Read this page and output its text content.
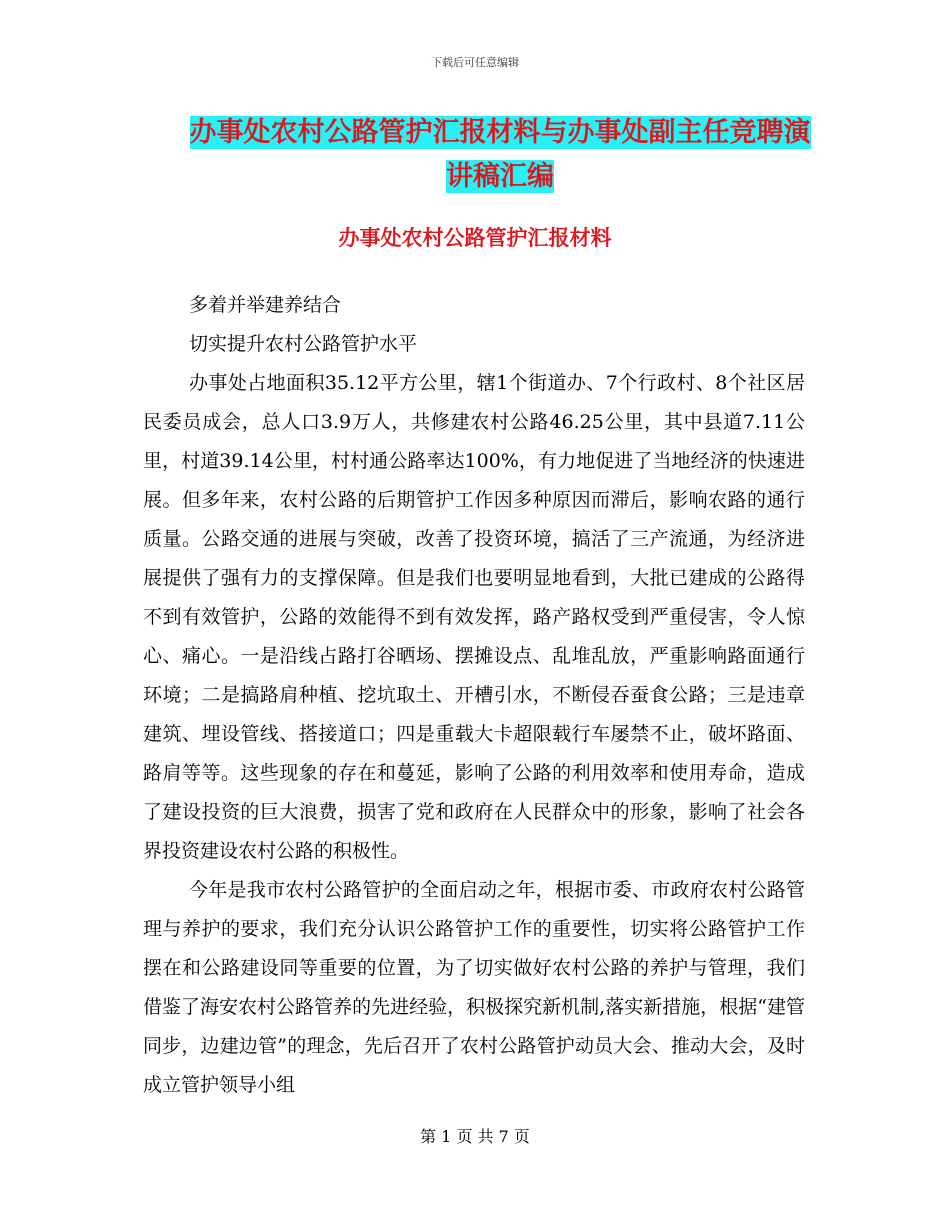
下载后可任意编辑
办事处农村公路管护汇报材料与办事处副主任竞聘演
讲稿汇编
办事处农村公路管护汇报材料

多着并举建养结合

切实提升农村公路管护水平

办事处占地面积35.12平方公里，辖1个街道办、7个行政村、8个社区居民委员成会，总人口3.9万人，共修建农村公路46.25公里，其中县道7.11公里，村道39.14公里，村村通公路率达100%，有力地促进了当地经济的快速进展。但多年来，农村公路的后期管护工作因多种原因而滞后，影响农路的通行质量。公路交通的进展与突破，改善了投资环境，搞活了三产流通，为经济进展提供了强有力的支撑保障。但是我们也要明显地看到，大批已建成的公路得不到有效管护，公路的效能得不到有效发挥，路产路权受到严重侵害，令人惊心、痛心。一是沿线占路打谷晒场、摆摊设点、乱堆乱放，严重影响路面通行环境；二是搞路肩种植、挖坑取土、开槽引水，不断侵吞蚕食公路；三是违章建筑、埋设管线、搭接道口；四是重载大卡超限载行车屡禁不止，破坏路面、路肩等等。这些现象的存在和蔓延，影响了公路的利用效率和使用寿命，造成了建设投资的巨大浪费，损害了党和政府在人民群众中的形象，影响了社会各界投资建设农村公路的积极性。

今年是我市农村公路管护的全面启动之年，根据市委、市政府农村公路管理与养护的要求，我们充分认识公路管护工作的重要性，切实将公路管护工作摆在和公路建设同等重要的位置，为了切实做好农村公路的养护与管理，我们借鉴了海安农村公路管养的先进经验，积极探究新机制,落实新措施，根据“建管同步，边建边管”的理念，先后召开了农村公路管护动员大会、推动大会，及时成立管护领导小组

第 1 页 共 7 页
